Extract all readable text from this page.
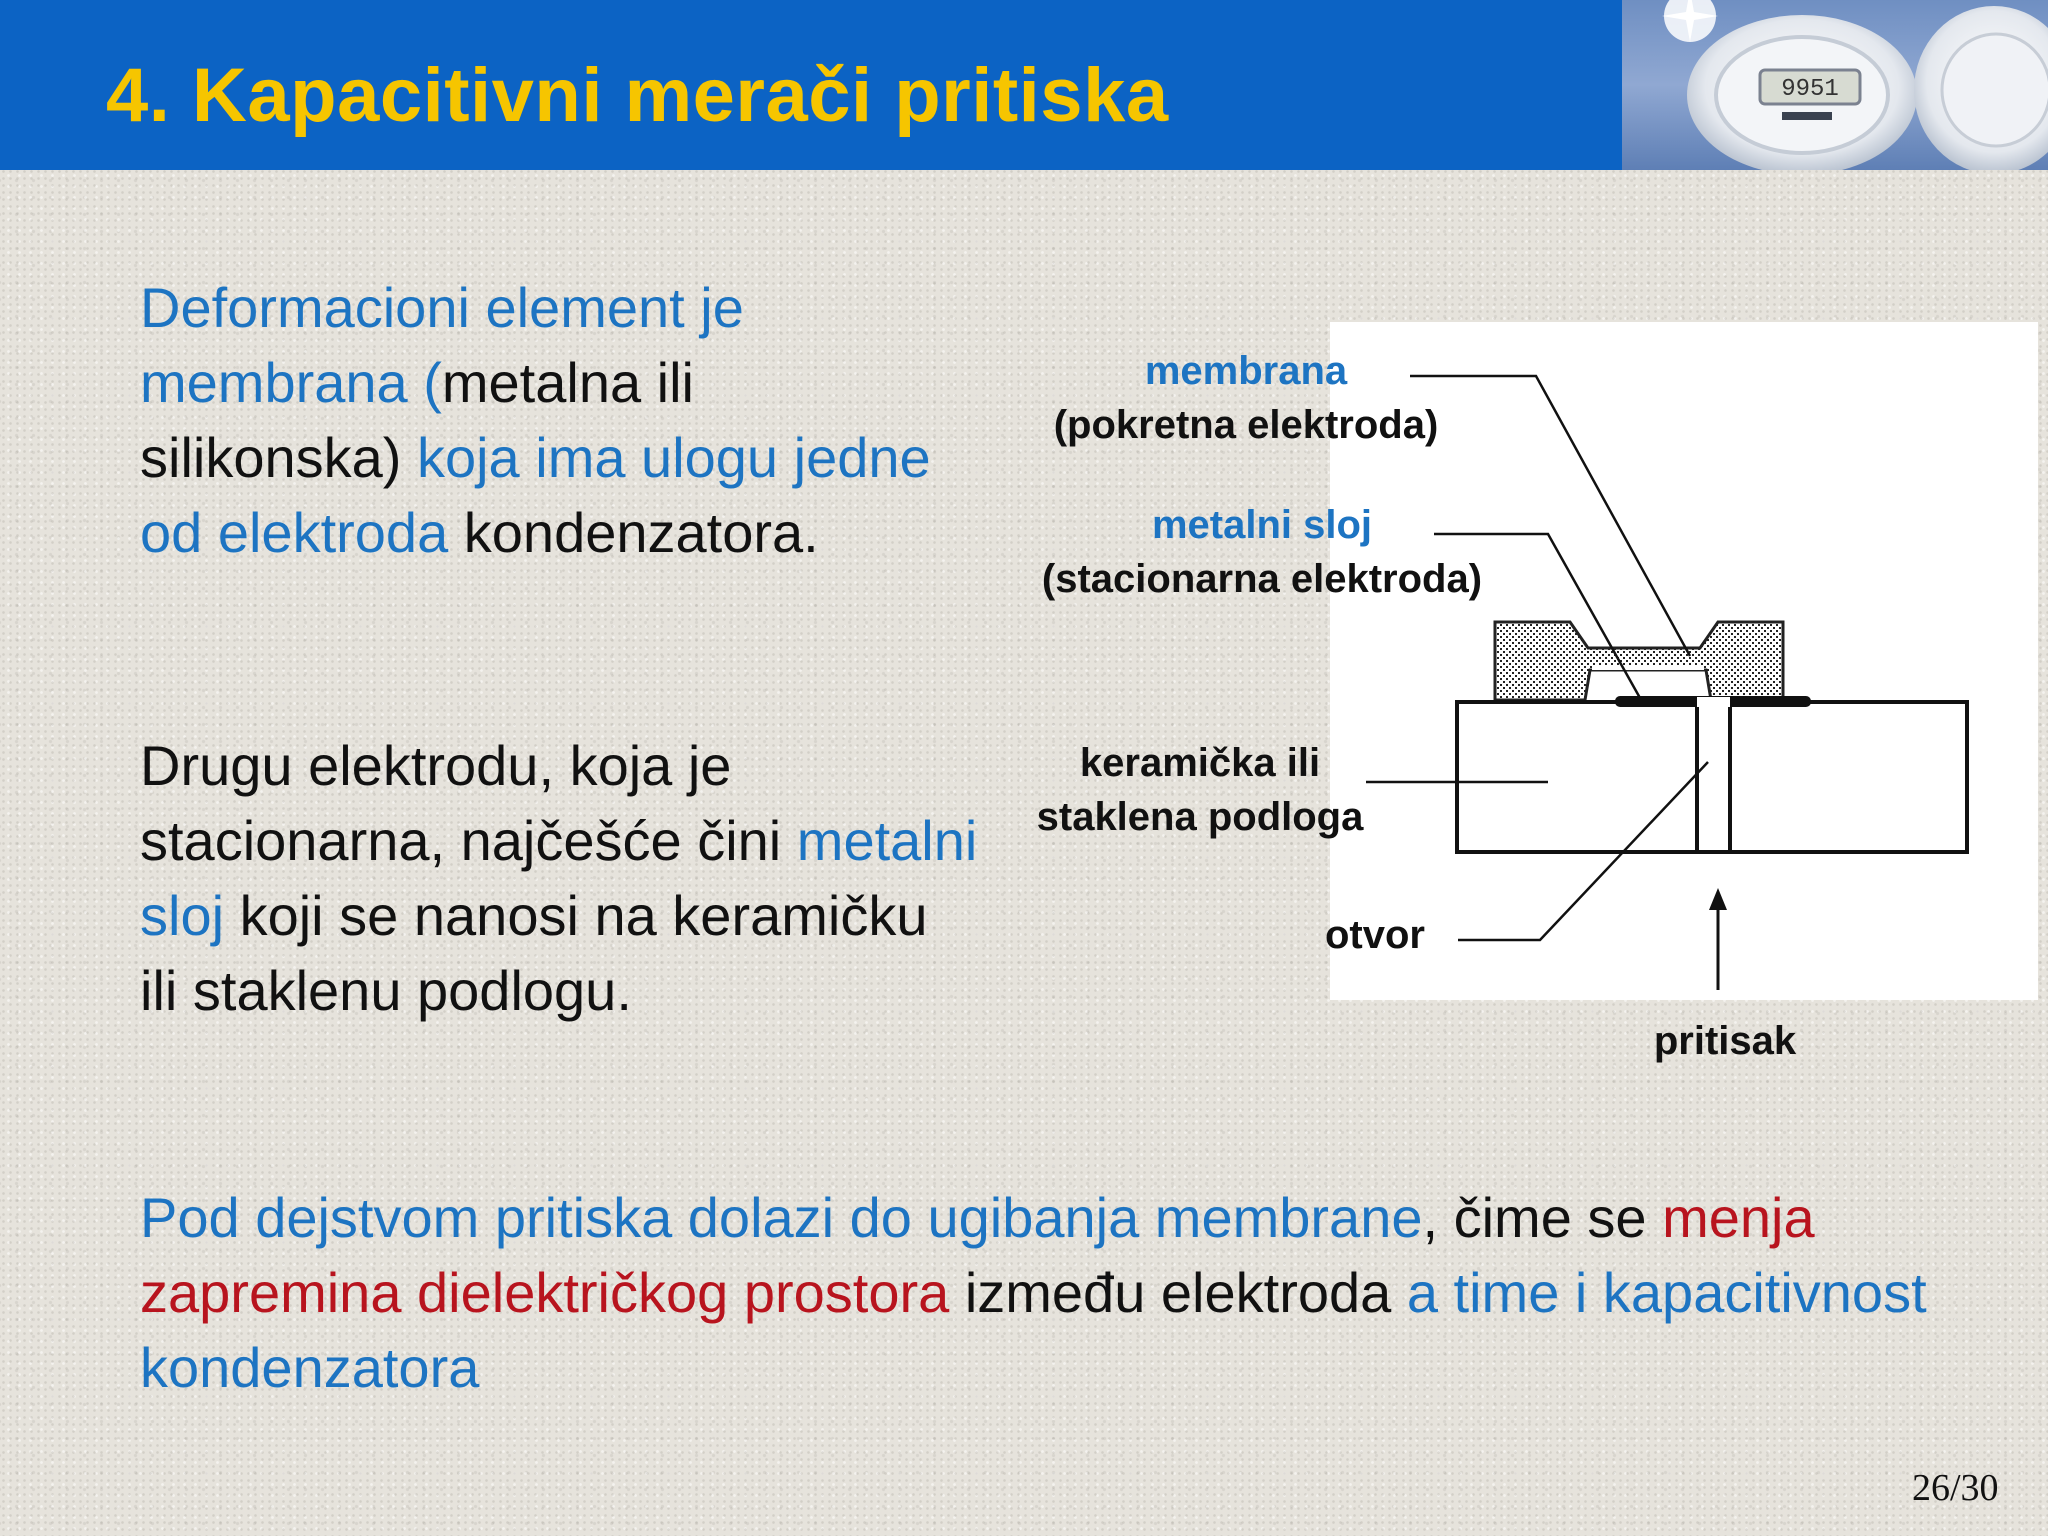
4. Kapacitivni merači pritiska	9951

Deformacioni element je membrana (metalna ili silikonska) koja ima ulogu jedne od elektroda kondenzatora.

Drugu elektrodu, koja je stacionarna, najčešće čini metalni sloj koji se nanosi na keramičku ili staklenu podlogu.

Pod dejstvom pritiska dolazi do ugibanja membrane, čime se menja zapremina dielektričkog prostora između elektroda a time i kapacitivnost kondenzatora

membrana
(pokretna elektroda)
metalni sloj
(stacionarna elektroda)
keramička ili
staklena podloga
otvor
pritisak

26/30
